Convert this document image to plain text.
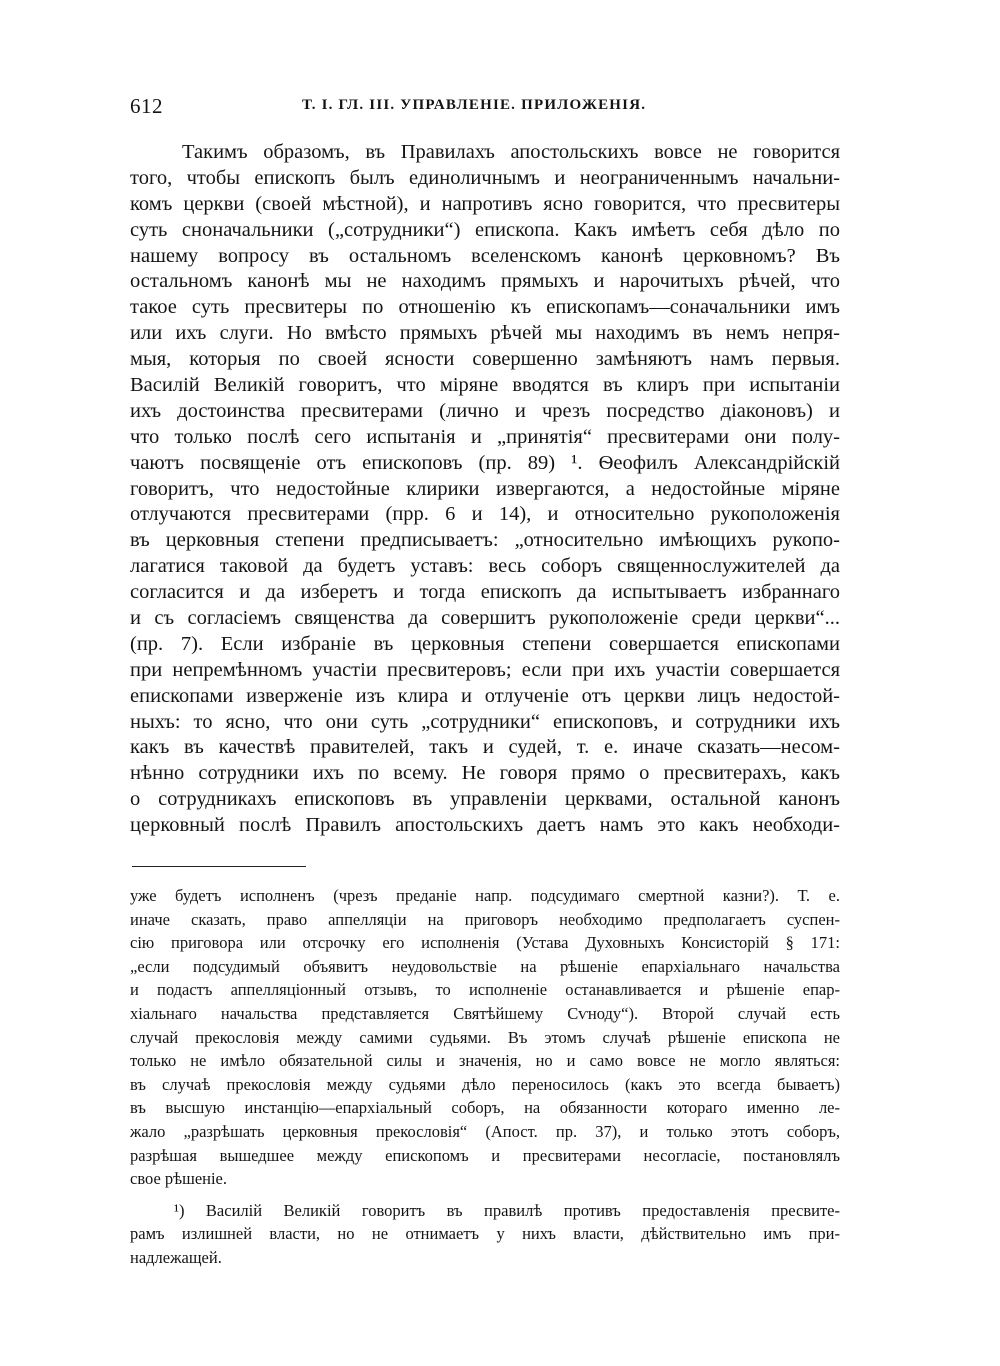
612	Т. I. ГЛ. III. УПРАВЛЕНІЕ. ПРИЛОЖЕНІЯ.
Такимъ образомъ, въ Правилахъ апостольскихъ вовсе не говорится
того, чтобы епископъ былъ единоличнымъ и неограниченнымъ начальни-
комъ церкви (своей мѣстной), и напротивъ ясно говорится, что пресвитеры
суть сноначальники („сотрудники“) епископа. Какъ имѣетъ себя дѣло по
нашему вопросу въ остальномъ вселенскомъ канонѣ церковномъ? Въ
остальномъ канонѣ мы не находимъ прямыхъ и нарочитыхъ рѣчей, что
такое суть пресвитеры по отношенію къ епископамъ—соначальники имъ
или ихъ слуги. Но вмѣсто прямыхъ рѣчей мы находимъ въ немъ непря-
мыя, которыя по своей ясности совершенно замѣняютъ намъ первыя.
Василій Великій говоритъ, что міряне вводятся въ клиръ при испытаніи
ихъ достоинства пресвитерами (лично и чрезъ посредство діаконовъ) и
что только послѣ сего испытанія и „принятія“ пресвитерами они полу-
чаютъ посвященіе отъ епископовъ (пр. 89) ¹. Ѳеофилъ Александрійскій
говоритъ, что недостойные клирики извергаются, а недостойные міряне
отлучаются пресвитерами (прр. 6 и 14), и относительно рукоположенія
въ церковныя степени предписываетъ: „относительно имѣющихъ рукопо-
лагатися таковой да будетъ уставъ: весь соборъ священнослужителей да
согласится и да изберетъ и тогда епископъ да испытываетъ избраннаго
и съ согласіемъ священства да совершитъ рукоположеніе среди церкви“...
(пр. 7). Если избраніе въ церковныя степени совершается епископами
при непремѣнномъ участіи пресвитеровъ; если при ихъ участіи совершается
епископами изверженіе изъ клира и отлученіе отъ церкви лицъ недостой-
ныхъ: то ясно, что они суть „сотрудники“ епископовъ, и сотрудники ихъ
какъ въ качествѣ правителей, такъ и судей, т. е. иначе сказать—несом-
нѣнно сотрудники ихъ по всему. Не говоря прямо о пресвитерахъ, какъ
о сотрудникахъ епископовъ въ управленіи церквами, остальной канонъ
церковный послѣ Правилъ апостольскихъ даетъ намъ это какъ необходи-
уже будетъ исполненъ (чрезъ преданіе напр. подсудимаго смертной казни?). Т. е.
иначе сказать, право аппелляціи на приговоръ необходимо предполагаетъ суспен-
сію приговора или отсрочку его исполненія (Устава Духовныхъ Консисторій § 171:
„если подсудимый объявитъ неудовольствіе на рѣшеніе епархіальнаго начальства
и подастъ аппелляціонный отзывъ, то исполненіе останавливается и рѣшеніе епар-
хіальнаго начальства представляется Святѣйшему Сѵноду“). Второй случай есть
случай прекословія между самими судьями. Въ этомъ случаѣ рѣшеніе епископа не
только не имѣло обязательной силы и значенія, но и само вовсе не могло являться:
въ случаѣ прекословія между судьями дѣло переносилось (какъ это всегда бываетъ)
въ высшую инстанцію—епархіальный соборъ, на обязанности котораго именно ле-
жало „разрѣшать церковныя прекословія“ (Апост. пр. 37), и только этотъ соборъ,
разрѣшая вышедшее между епископомъ и пресвитерами несогласіе, постановлялъ
свое рѣшеніе.
¹) Василій Великій говоритъ въ правилѣ противъ предоставленія пресвите-
рамъ излишней власти, но не отнимаетъ у нихъ власти, дѣйствительно имъ при-
надлежащей.
